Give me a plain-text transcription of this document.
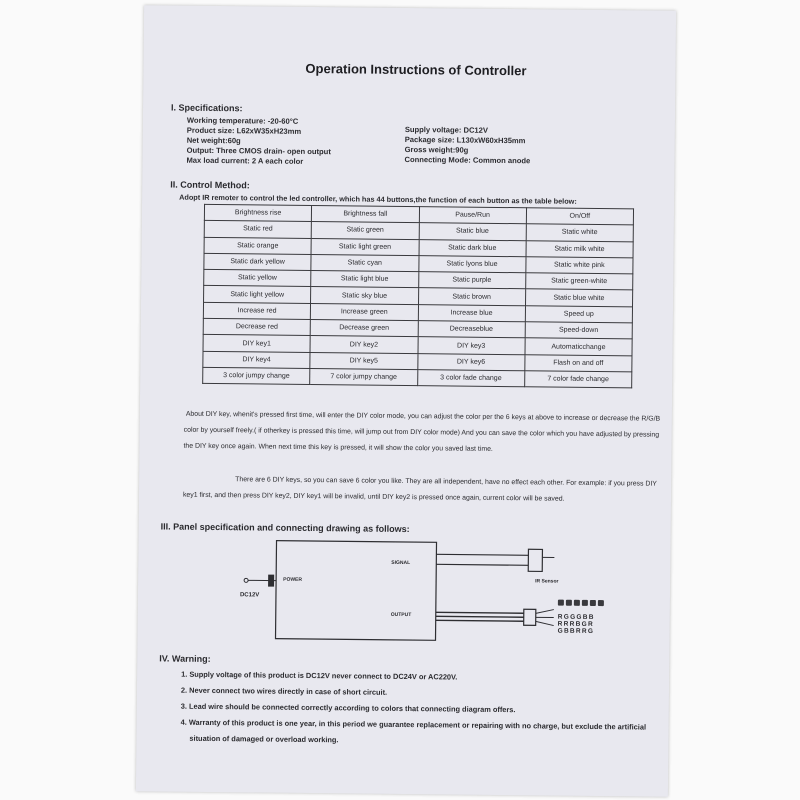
Operation Instructions of Controller
I. Specifications:
Working temperature: -20-60°C
Product size: L62xW35xH23mm
Net weight:60g
Output: Three CMOS drain- open output
Max load current: 2 A each color
Supply voltage: DC12V
Package size: L130xW60xH35mm
Gross weight:90g
Connecting Mode: Common anode
II. Control Method:
Adopt IR remoter to control the led controller, which has 44 buttons,the function of each button as the table below:
Brightness rise	Brightness fall	Pause/Run	On/Off
Static red	Static green	Static blue	Static white
Static orange	Static light green	Static dark blue	Static milk white
Static dark yellow	Static cyan	Static lyons blue	Static white pink
Static yellow	Static light blue	Static purple	Static green-white
Static light yellow	Static sky blue	Static brown	Static blue white
Increase red	Increase green	Increase blue	Speed up
Decrease red	Decrease green	Decreaseblue	Speed-down
DIY key1	DIY key2	DIY key3	Automaticchange
DIY key4	DIY key5	DIY key6	Flash on and off
3 color jumpy change	7 color jumpy change	3 color fade change	7 color fade change
About DIY key, whenit's pressed first time, will enter the DIY color mode, you can adjust the color per the 6 keys at above to increase or decrease the R/G/B color by yourself freely.( if otherkey is pressed this time, will jump out from DIY color mode) And you can save the color which you have adjusted by pressing the DIY key once again. When next time this key is pressed, it will show the color you saved last time.
There are 6 DIY keys, so you can save 6 color you like. They are all independent, have no effect each other. For example: if you press DIY key1 first, and then press DIY key2, DIY key1 will be invalid, until DIY key2 is pressed once again, current color will be saved.
III. Panel specification and connecting drawing as follows:
SIGNAL
POWER
OUTPUT
DC12V
IR Sensor
RGGGBB
RRRBGR
GBBRRG
IV. Warning:
1. Supply voltage of this product is DC12V never connect to DC24V or AC220V.
2. Never connect two wires directly in case of short circuit.
3. Lead wire should be connected correctly according to colors that connecting diagram offers.
4. Warranty of this product is one year, in this period we guarantee replacement or repairing with no charge, but exclude the artificial situation of damaged or overload working.
